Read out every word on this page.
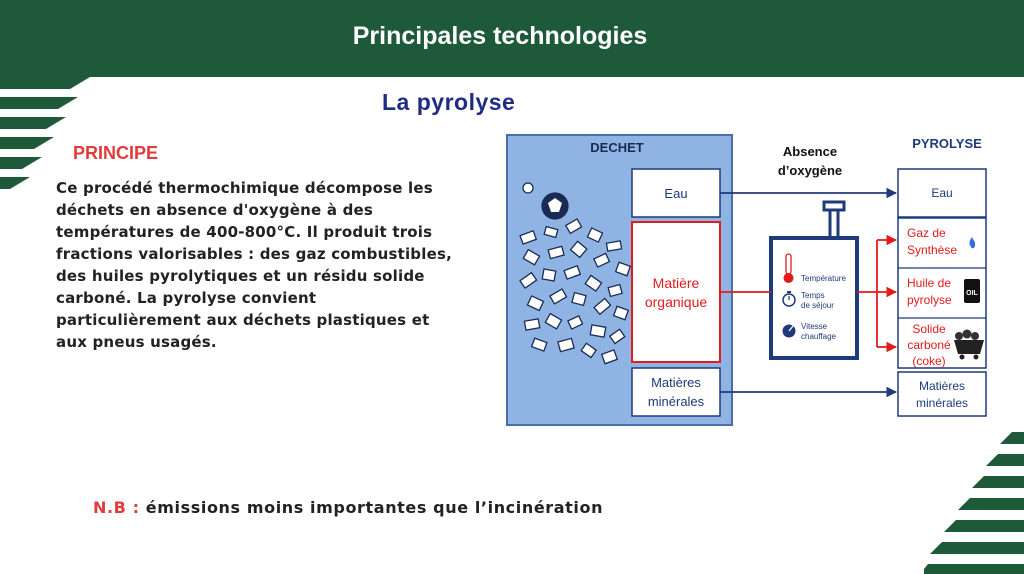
Principales technologies
La pyrolyse
PRINCIPE
Ce procédé thermochimique décompose les déchets en absence d'oxygène à des températures de 400-800°C. Il produit trois fractions valorisables : des gaz combustibles, des huiles pyrolytiques et un résidu solide carboné. La pyrolyse convient particulièrement aux déchets plastiques et aux pneus usagés.
N.B : émissions moins importantes que l’incinération
DECHET
Eau
Matière
organique
Matières
minérales
Absence
d’oxygène
Température
Temps
de séjour
Vitesse
chauffage
PYROLYSE
Eau
Gaz de
Synthèse
Huile de
pyrolyse OIL
Solide
carboné
(coke)
Matières
minérales
